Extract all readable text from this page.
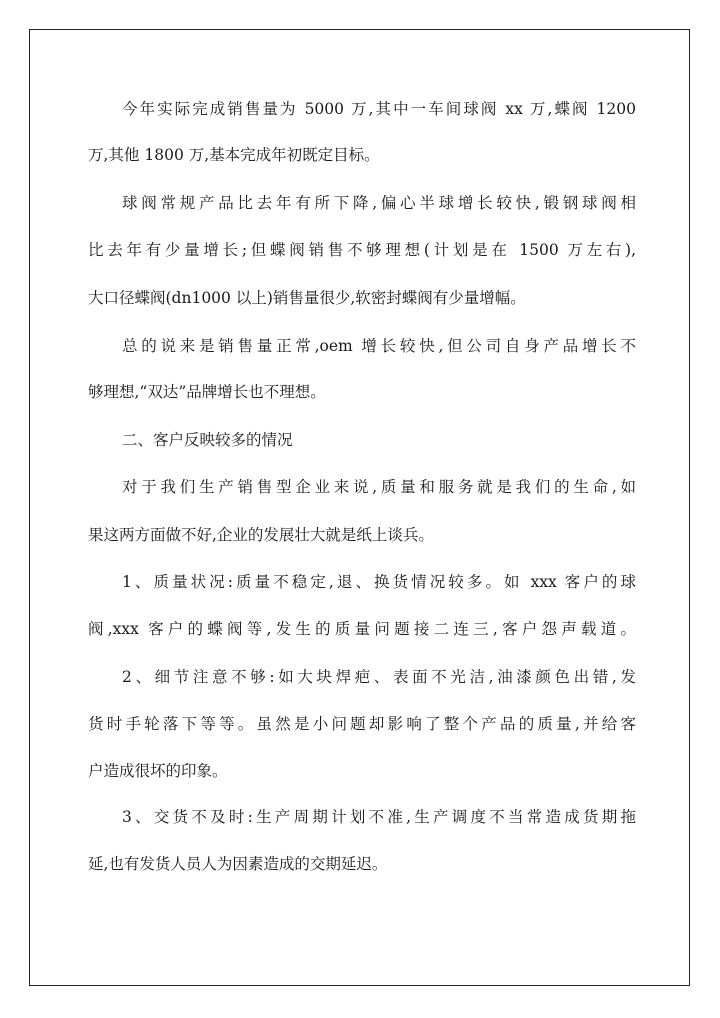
今年实际完成销售量为 5000 万,其中一车间球阀 xx 万,蝶阀 1200
万,其他 1800 万,基本完成年初既定目标。
球阀常规产品比去年有所下降,偏心半球增长较快,锻钢球阀相
比去年有少量增长;但蝶阀销售不够理想(计划是在 1500 万左右),
大口径蝶阀(dn1000 以上)销售量很少,软密封蝶阀有少量增幅。
总的说来是销售量正常,oem 增长较快,但公司自身产品增长不
够理想,“双达”品牌增长也不理想。
二、客户反映较多的情况
对于我们生产销售型企业来说,质量和服务就是我们的生命,如
果这两方面做不好,企业的发展壮大就是纸上谈兵。
1、质量状况:质量不稳定,退、换货情况较多。如 xxx 客户的球
阀,xxx 客户的蝶阀等,发生的质量问题接二连三,客户怨声载道。
2、细节注意不够:如大块焊疤、表面不光洁,油漆颜色出错,发
货时手轮落下等等。虽然是小问题却影响了整个产品的质量,并给客
户造成很坏的印象。
3、交货不及时:生产周期计划不准,生产调度不当常造成货期拖
延,也有发货人员人为因素造成的交期延迟。
